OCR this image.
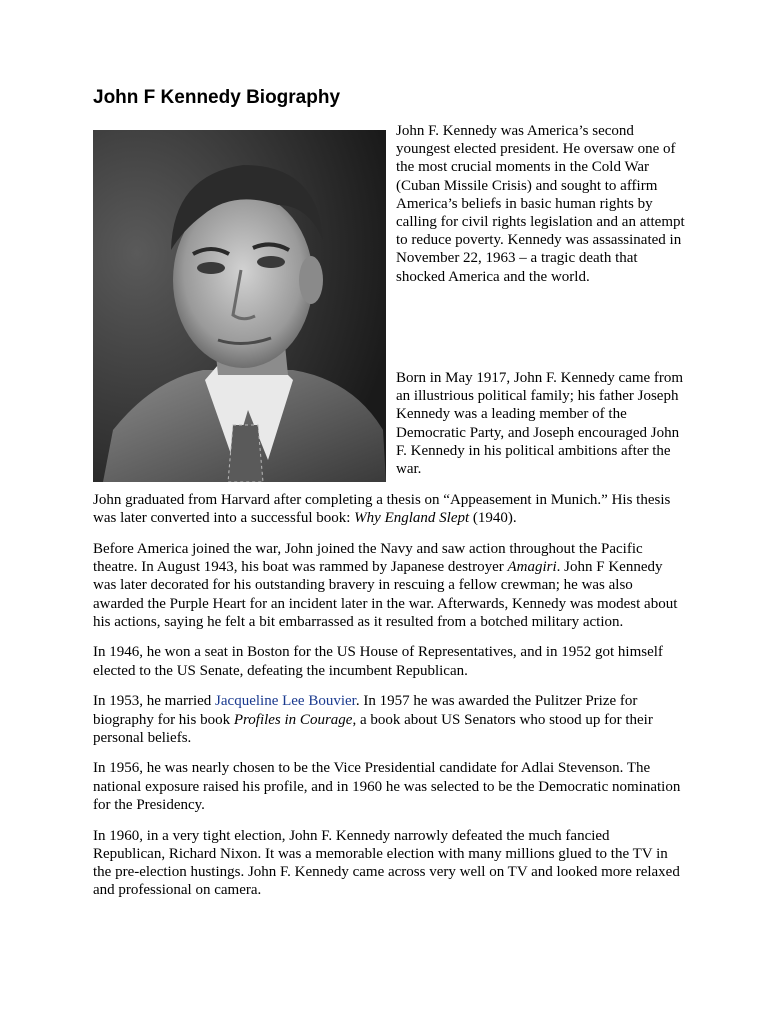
John F Kennedy Biography

John F. Kennedy was America’s second youngest elected president. He oversaw one of the most crucial moments in the Cold War (Cuban Missile Crisis) and sought to affirm America’s beliefs in basic human rights by calling for civil rights legislation and an attempt to reduce poverty. Kennedy was assassinated in November 22, 1963 – a tragic death that shocked America and the world.

Born in May 1917, John F. Kennedy came from an illustrious political family; his father Joseph Kennedy was a leading member of the Democratic Party, and Joseph encouraged John F. Kennedy in his political ambitions after the war.

John graduated from Harvard after completing a thesis on “Appeasement in Munich.” His thesis was later converted into a successful book: Why England Slept (1940).

Before America joined the war, John joined the Navy and saw action throughout the Pacific theatre. In August 1943, his boat was rammed by Japanese destroyer Amagiri. John F Kennedy was later decorated for his outstanding bravery in rescuing a fellow crewman; he was also awarded the Purple Heart for an incident later in the war. Afterwards, Kennedy was modest about his actions, saying he felt a bit embarrassed as it resulted from a botched military action.

In 1946, he won a seat in Boston for the US House of Representatives, and in 1952 got himself elected to the US Senate, defeating the incumbent Republican.

In 1953, he married Jacqueline Lee Bouvier. In 1957 he was awarded the Pulitzer Prize for biography for his book Profiles in Courage, a book about US Senators who stood up for their personal beliefs.

In 1956, he was nearly chosen to be the Vice Presidential candidate for Adlai Stevenson. The national exposure raised his profile, and in 1960 he was selected to be the Democratic nomination for the Presidency.

In 1960, in a very tight election, John F. Kennedy narrowly defeated the much fancied Republican, Richard Nixon. It was a memorable election with many millions glued to the TV in the pre-election hustings. John F. Kennedy came across very well on TV and looked more relaxed and professional on camera.
